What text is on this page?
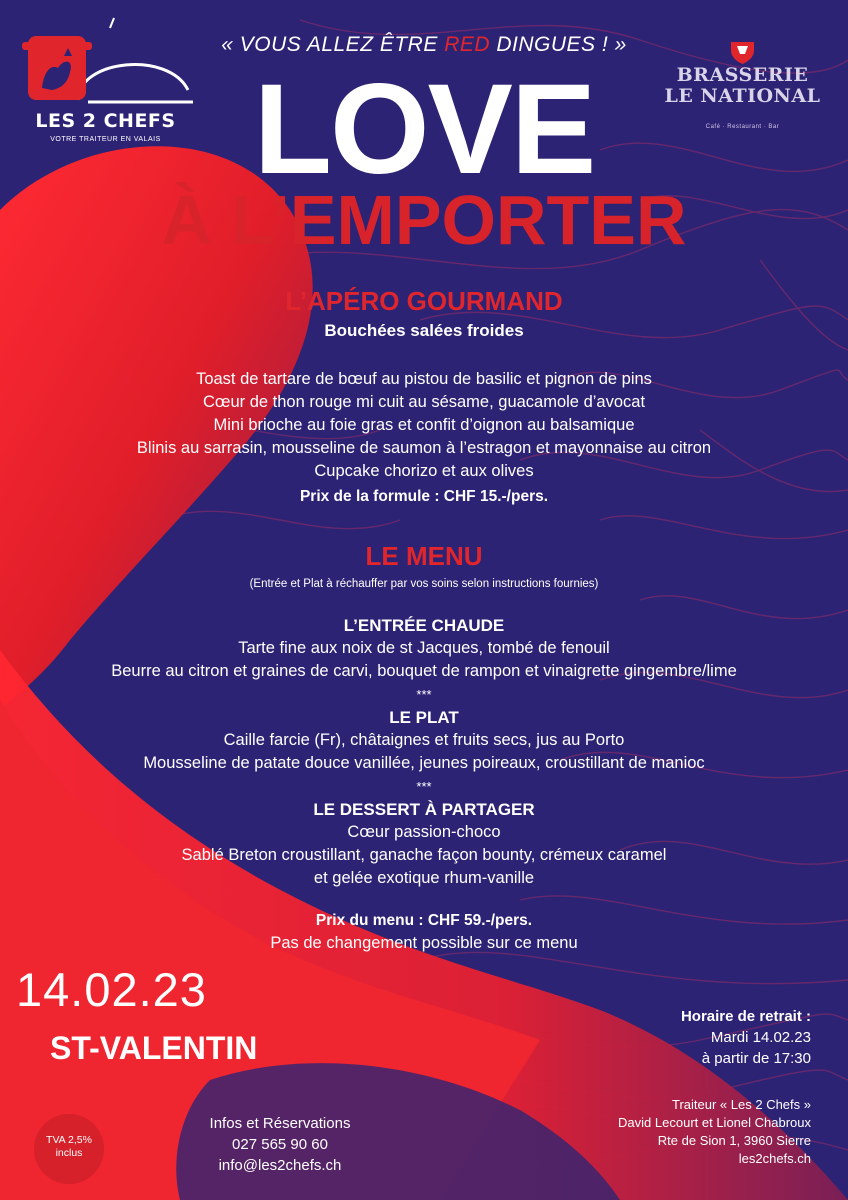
LES 2 CHEFS
VOTRE TRAITEUR EN VALAIS
BRASSERIE
LE NATIONAL
Café · Restaurant · Bar
« VOUS ALLEZ ÊTRE RED DINGUES ! »
LOVE
À L’EMPORTER
L’APÉRO GOURMAND
Bouchées salées froides
Toast de tartare de bœuf au pistou de basilic et pignon de pins
Cœur de thon rouge mi cuit au sésame, guacamole d’avocat
Mini brioche au foie gras et confit d’oignon au balsamique
Blinis au sarrasin, mousseline de saumon à l’estragon et mayonnaise au citron
Cupcake chorizo et aux olives
Prix de la formule : CHF 15.-/pers.
LE MENU
(Entrée et Plat à réchauffer par vos soins selon instructions fournies)
L’ENTRÉE CHAUDE
Tarte fine aux noix de st Jacques, tombé de fenouil
Beurre au citron et graines de carvi, bouquet de rampon et vinaigrette gingembre/lime
***
LE PLAT
Caille farcie (Fr), châtaignes et fruits secs, jus au Porto
Mousseline de patate douce vanillée, jeunes poireaux, croustillant de manioc
***
LE DESSERT À PARTAGER
Cœur passion-choco
Sablé Breton croustillant, ganache façon bounty, crémeux caramel
et gelée exotique rhum-vanille
Prix du menu : CHF 59.-/pers.
Pas de changement possible sur ce menu
14.02.23
ST-VALENTIN
TVA 2,5%
inclus
Infos et Réservations
027 565 90 60
info@les2chefs.ch
Horaire de retrait :
Mardi 14.02.23
à partir de 17:30
Traiteur « Les 2 Chefs »
David Lecourt et Lionel Chabroux
Rte de Sion 1, 3960 Sierre
les2chefs.ch
